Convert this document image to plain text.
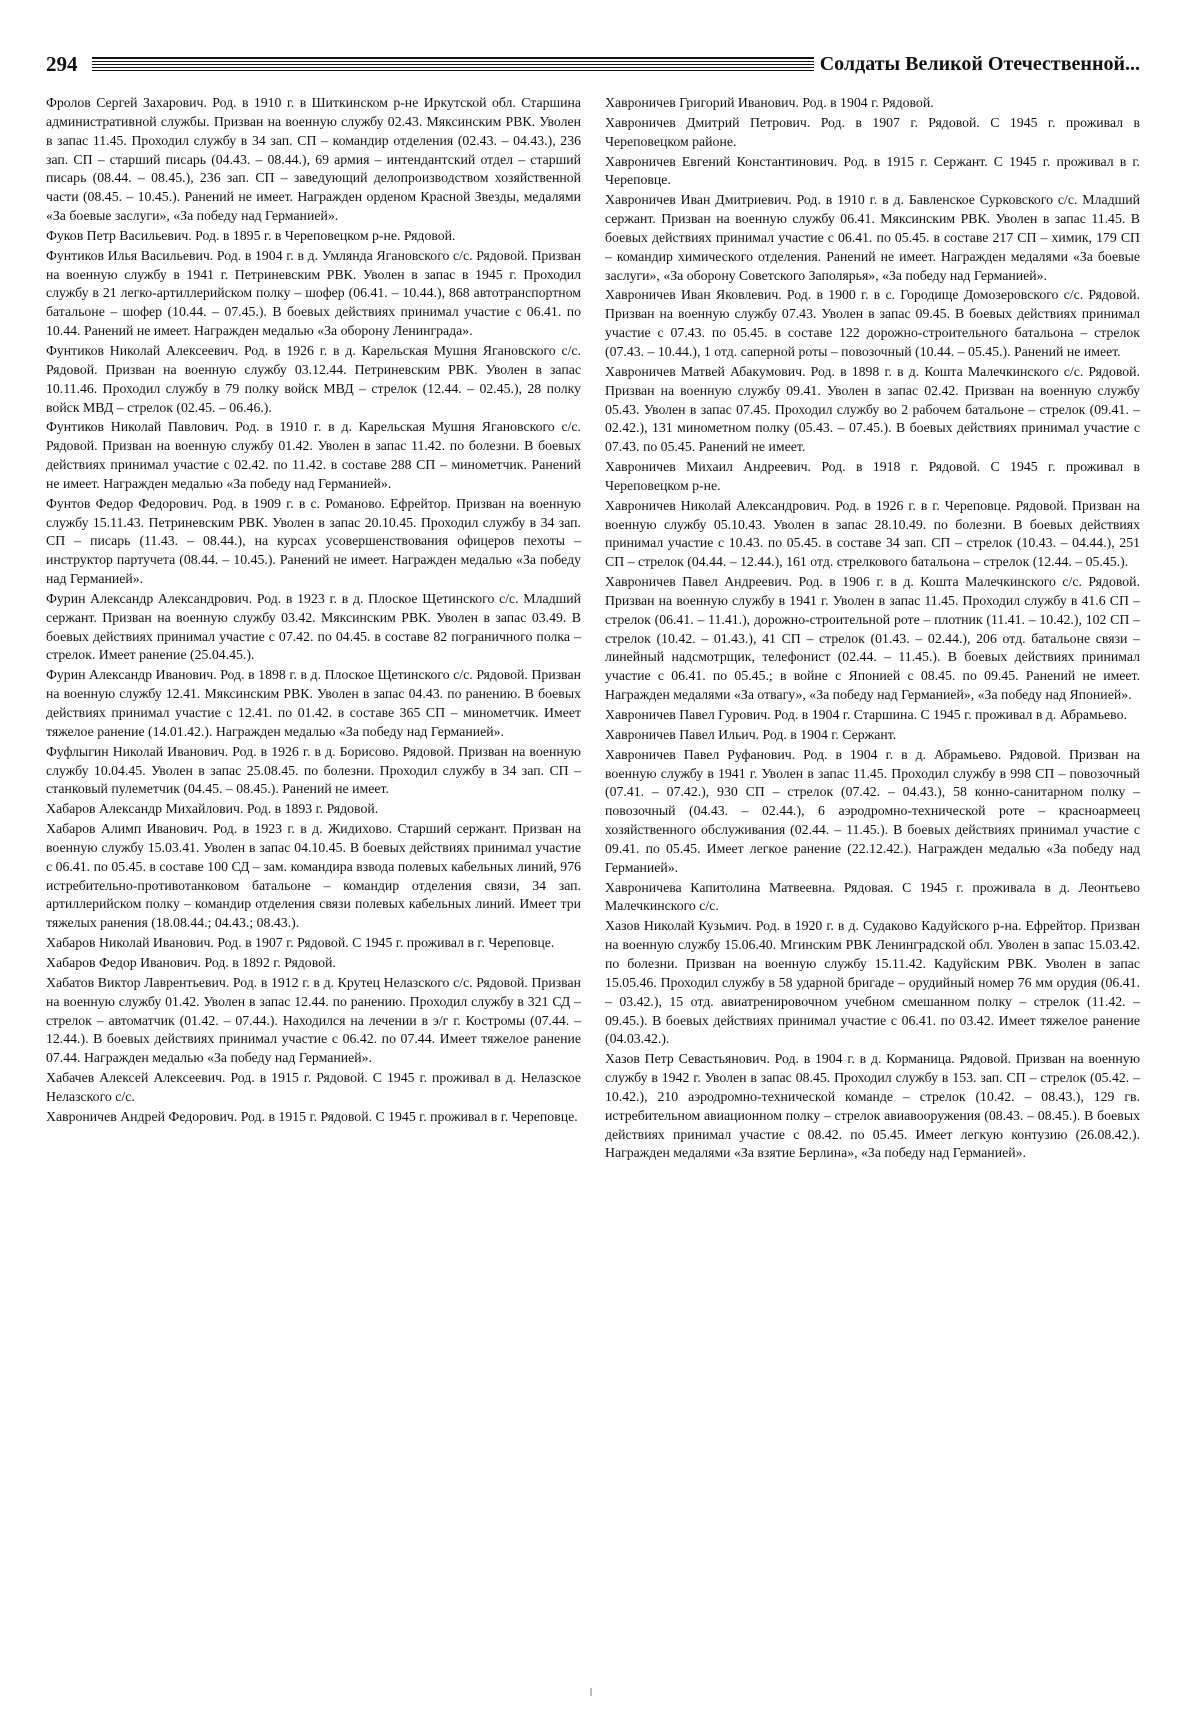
294	Солдаты Великой Отечественной...

Фролов Сергей Захарович. Род. в 1910 г. в Шиткинском р-не Иркутской обл. Старшина административной службы. Призван на военную службу 02.43. Мяксинским РВК. Уволен в запас 11.45. Проходил службу в 34 зап. СП – командир отделения (02.43. – 04.43.), 236 зап. СП – старший писарь (04.43. – 08.44.), 69 армия – интендантский отдел – старший писарь (08.44. – 08.45.), 236 зап. СП – заведующий делопроизводством хозяйственной части (08.45. – 10.45.). Ранений не имеет. Награжден орденом Красной Звезды, медалями «За боевые заслуги», «За победу над Германией».

Фуков Петр Васильевич. Род. в 1895 г. в Череповецком р-не. Рядовой.

Фунтиков Илья Васильевич. Род. в 1904 г. в д. Умлянда Ягановского с/с. Рядовой. Призван на военную службу в 1941 г. Петриневским РВК. Уволен в запас в 1945 г. Проходил службу в 21 легко-артиллерийском полку – шофер (06.41. – 10.44.), 868 автотранспортном батальоне – шофер (10.44. – 07.45.). В боевых действиях принимал участие с 06.41. по 10.44. Ранений не имеет. Награжден медалью «За оборону Ленинграда».

Фунтиков Николай Алексеевич. Род. в 1926 г. в д. Карельская Мушня Ягановского с/с. Рядовой. Призван на военную службу 03.12.44. Петриневским РВК. Уволен в запас 10.11.46. Проходил службу в 79 полку войск МВД – стрелок (12.44. – 02.45.), 28 полку войск МВД – стрелок (02.45. – 06.46.).

Фунтиков Николай Павлович. Род. в 1910 г. в д. Карельская Мушня Ягановского с/с. Рядовой. Призван на военную службу 01.42. Уволен в запас 11.42. по болезни. В боевых действиях принимал участие с 02.42. по 11.42. в составе 288 СП – минометчик. Ранений не имеет. Награжден медалью «За победу над Германией».

Фунтов Федор Федорович. Род. в 1909 г. в с. Романово. Ефрейтор. Призван на военную службу 15.11.43. Петриневским РВК. Уволен в запас 20.10.45. Проходил службу в 34 зап. СП – писарь (11.43. – 08.44.), на курсах усовершенствования офицеров пехоты – инструктор партучета (08.44. – 10.45.). Ранений не имеет. Награжден медалью «За победу над Германией».

Фурин Александр Александрович. Род. в 1923 г. в д. Плоское Щетинского с/с. Младший сержант. Призван на военную службу 03.42. Мяксинским РВК. Уволен в запас 03.49. В боевых действиях принимал участие с 07.42. по 04.45. в составе 82 пограничного полка – стрелок. Имеет ранение (25.04.45.).

Фурин Александр Иванович. Род. в 1898 г. в д. Плоское Щетинского с/с. Рядовой. Призван на военную службу 12.41. Мяксинским РВК. Уволен в запас 04.43. по ранению. В боевых действиях принимал участие с 12.41. по 01.42. в составе 365 СП – минометчик. Имеет тяжелое ранение (14.01.42.). Награжден медалью «За победу над Германией».

Фуфлыгин Николай Иванович. Род. в 1926 г. в д. Борисово. Рядовой. Призван на военную службу 10.04.45. Уволен в запас 25.08.45. по болезни. Проходил службу в 34 зап. СП – станковый пулеметчик (04.45. – 08.45.). Ранений не имеет.

Хабаров Александр Михайлович. Род. в 1893 г. Рядовой.

Хабаров Алимп Иванович. Род. в 1923 г. в д. Жидихово. Старший сержант. Призван на военную службу 15.03.41. Уволен в запас 04.10.45. В боевых действиях принимал участие с 06.41. по 05.45. в составе 100 СД – зам. командира взвода полевых кабельных линий, 976 истребительно-противотанковом батальоне – командир отделения связи, 34 зап. артиллерийском полку – командир отделения связи полевых кабельных линий. Имеет три тяжелых ранения (18.08.44.; 04.43.; 08.43.).

Хабаров Николай Иванович. Род. в 1907 г. Рядовой. С 1945 г. проживал в г. Череповце.

Хабаров Федор Иванович. Род. в 1892 г. Рядовой.

Хабатов Виктор Лаврентьевич. Род. в 1912 г. в д. Крутец Нелазского с/с. Рядовой. Призван на военную службу 01.42. Уволен в запас 12.44. по ранению. Проходил службу в 321 СД – стрелок – автоматчик (01.42. – 07.44.). Находился на лечении в э/г г. Костромы (07.44. – 12.44.). В боевых действиях принимал участие с 06.42. по 07.44. Имеет тяжелое ранение 07.44. Награжден медалью «За победу над Германией».

Хабачев Алексей Алексеевич. Род. в 1915 г. Рядовой. С 1945 г. проживал в д. Нелазское Нелазского с/с.

Хавроничев Андрей Федорович. Род. в 1915 г. Рядовой. С 1945 г. проживал в г. Череповце.

Хавроничев Григорий Иванович. Род. в 1904 г. Рядовой.

Хавроничев Дмитрий Петрович. Род. в 1907 г. Рядовой. С 1945 г. проживал в Череповецком районе.

Хавроничев Евгений Константинович. Род. в 1915 г. Сержант. С 1945 г. проживал в г. Череповце.

Хавроничев Иван Дмитриевич. Род. в 1910 г. в д. Бавленское Сурковского с/с. Младший сержант. Призван на военную службу 06.41. Мяксинским РВК. Уволен в запас 11.45. В боевых действиях принимал участие с 06.41. по 05.45. в составе 217 СП – химик, 179 СП – командир химического отделения. Ранений не имеет. Награжден медалями «За боевые заслуги», «За оборону Советского Заполярья», «За победу над Германией».

Хавроничев Иван Яковлевич. Род. в 1900 г. в с. Городище Домозеровского с/с. Рядовой. Призван на военную службу 07.43. Уволен в запас 09.45. В боевых действиях принимал участие с 07.43. по 05.45. в составе 122 дорожно-строительного батальона – стрелок (07.43. – 10.44.), 1 отд. саперной роты – повозочный (10.44. – 05.45.). Ранений не имеет.

Хавроничев Матвей Абакумович. Род. в 1898 г. в д. Кошта Малечкинского с/с. Рядовой. Призван на военную службу 09.41. Уволен в запас 02.42. Призван на военную службу 05.43. Уволен в запас 07.45. Проходил службу во 2 рабочем батальоне – стрелок (09.41. – 02.42.), 131 минометном полку (05.43. – 07.45.). В боевых действиях принимал участие с 07.43. по 05.45. Ранений не имеет.

Хавроничев Михаил Андреевич. Род. в 1918 г. Рядовой. С 1945 г. проживал в Череповецком р-не.

Хавроничев Николай Александрович. Род. в 1926 г. в г. Череповце. Рядовой. Призван на военную службу 05.10.43. Уволен в запас 28.10.49. по болезни. В боевых действиях принимал участие с 10.43. по 05.45. в составе 34 зап. СП – стрелок (10.43. – 04.44.), 251 СП – стрелок (04.44. – 12.44.), 161 отд. стрелкового батальона – стрелок (12.44. – 05.45.).

Хавроничев Павел Андреевич. Род. в 1906 г. в д. Кошта Малечкинского с/с. Рядовой. Призван на военную службу в 1941 г. Уволен в запас 11.45. Проходил службу в 41.6 СП – стрелок (06.41. – 11.41.), дорожно-строительной роте – плотник (11.41. – 10.42.), 102 СП – стрелок (10.42. – 01.43.), 41 СП – стрелок (01.43. – 02.44.), 206 отд. батальоне связи – линейный надсмотрщик, телефонист (02.44. – 11.45.). В боевых действиях принимал участие с 06.41. по 05.45.; в войне с Японией с 08.45. по 09.45. Ранений не имеет. Награжден медалями «За отвагу», «За победу над Германией», «За победу над Японией».

Хавроничев Павел Гурович. Род. в 1904 г. Старшина. С 1945 г. проживал в д. Абрамьево.

Хавроничев Павел Ильич. Род. в 1904 г. Сержант.

Хавроничев Павел Руфанович. Род. в 1904 г. в д. Абрамьево. Рядовой. Призван на военную службу в 1941 г. Уволен в запас 11.45. Проходил службу в 998 СП – повозочный (07.41. – 07.42.), 930 СП – стрелок (07.42. – 04.43.), 58 конно-санитарном полку – повозочный (04.43. – 02.44.), 6 аэродромно-технической роте – красноармеец хозяйственного обслуживания (02.44. – 11.45.). В боевых действиях принимал участие с 09.41. по 05.45. Имеет легкое ранение (22.12.42.). Награжден медалью «За победу над Германией».

Хавроничева Капитолина Матвеевна. Рядовая. С 1945 г. проживала в д. Леонтьево Малечкинского с/с.

Хазов Николай Кузьмич. Род. в 1920 г. в д. Судаково Кадуйского р-на. Ефрейтор. Призван на военную службу 15.06.40. Мгинским РВК Ленинградской обл. Уволен в запас 15.03.42. по болезни. Призван на военную службу 15.11.42. Кадуйским РВК. Уволен в запас 15.05.46. Проходил службу в 58 ударной бригаде – орудийный номер 76 мм орудия (06.41. – 03.42.), 15 отд. авиатренировочном учебном смешанном полку – стрелок (11.42. – 09.45.). В боевых действиях принимал участие с 06.41. по 03.42. Имеет тяжелое ранение (04.03.42.).

Хазов Петр Севастьянович. Род. в 1904 г. в д. Корманица. Рядовой. Призван на военную службу в 1942 г. Уволен в запас 08.45. Проходил службу в 153. зап. СП – стрелок (05.42. – 10.42.), 210 аэродромно-технической команде – стрелок (10.42. – 08.43.), 129 гв. истребительном авиационном полку – стрелок авиавооружения (08.43. – 08.45.). В боевых действиях принимал участие с 08.42. по 05.45. Имеет легкую контузию (26.08.42.). Награжден медалями «За взятие Берлина», «За победу над Германией».
